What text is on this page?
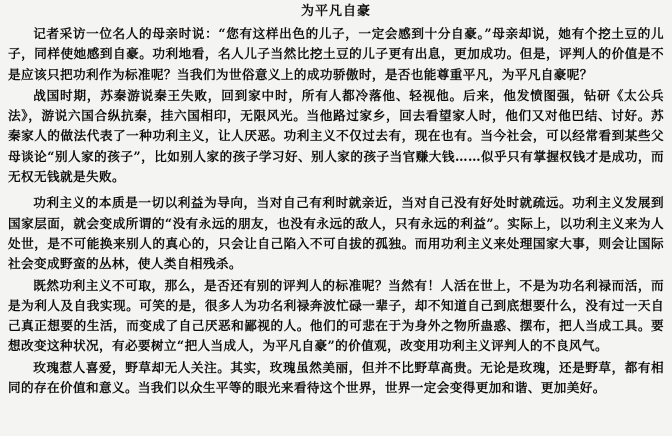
为平凡自豪

记者采访一位名人的母亲时说：“您有这样出色的儿子，一定会感到十分自豪。”母亲却说，她有个挖土豆的儿子，同样使她感到自豪。功利地看，名人儿子当然比挖土豆的儿子更有出息，更加成功。但是，评判人的价值是不是应该只把功利作为标准呢？当我们为世俗意义上的成功骄傲时，是否也能尊重平凡，为平凡自豪呢？

战国时期，苏秦游说秦王失败，回到家中时，所有人都冷落他、轻视他。后来，他发愤图强，钻研《太公兵法》，游说六国合纵抗秦，挂六国相印，无限风光。当他路过家乡，回去看望家人时，他们又对他巴结、讨好。苏秦家人的做法代表了一种功利主义，让人厌恶。功利主义不仅过去有，现在也有。当今社会，可以经常看到某些父母谈论“别人家的孩子”，比如别人家的孩子学习好、别人家的孩子当官赚大钱……似乎只有掌握权钱才是成功，而无权无钱就是失败。

功利主义的本质是一切以利益为导向，当对自己有利时就亲近，当对自己没有好处时就疏远。功利主义发展到国家层面，就会变成所谓的“没有永远的朋友，也没有永远的敌人，只有永远的利益”。实际上，以功利主义来为人处世，是不可能换来别人的真心的，只会让自己陷入不可自拔的孤独。而用功利主义来处理国家大事，则会让国际社会变成野蛮的丛林，使人类自相残杀。

既然功利主义不可取，那么，是否还有别的评判人的标准呢？当然有！人活在世上，不是为功名利禄而活，而是为利人及自我实现。可笑的是，很多人为功名利禄奔波忙碌一辈子，却不知道自己到底想要什么，没有过一天自己真正想要的生活，而变成了自己厌恶和鄙视的人。他们的可悲在于为身外之物所蛊惑、摆布，把人当成工具。要想改变这种状况，有必要树立“把人当成人，为平凡自豪”的价值观，改变用功利主义评判人的不良风气。

玫瑰惹人喜爱，野草却无人关注。其实，玫瑰虽然美丽，但并不比野草高贵。无论是玫瑰，还是野草，都有相同的存在价值和意义。当我们以众生平等的眼光来看待这个世界，世界一定会变得更加和谐、更加美好。
